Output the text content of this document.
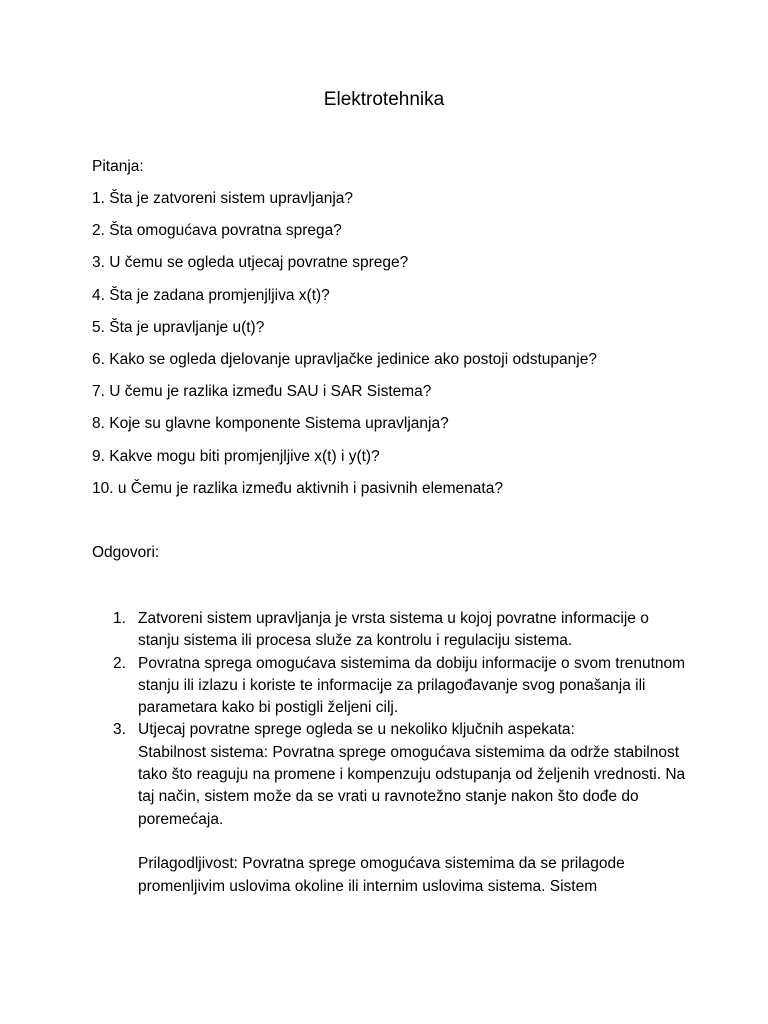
Elektrotehnika
Pitanja:
1. Šta je zatvoreni sistem upravljanja?
2. Šta omogućava povratna sprega?
3. U čemu se ogleda utjecaj povratne sprege?
4. Šta je zadana promjenjljiva x(t)?
5. Šta je upravljanje u(t)?
6. Kako se ogleda djelovanje upravljačke jedinice ako postoji odstupanje?
7. U čemu je razlika između SAU i SAR Sistema?
8. Koje su glavne komponente Sistema upravljanja?
9. Kakve mogu biti promjenjljive x(t) i y(t)?
10. u Čemu je razlika između aktivnih i pasivnih elemenata?
Odgovori:
1. Zatvoreni sistem upravljanja je vrsta sistema u kojoj povratne informacije o stanju sistema ili procesa služe za kontrolu i regulaciju sistema.
2. Povratna sprega omogućava sistemima da dobiju informacije o svom trenutnom stanju ili izlazu i koriste te informacije za prilagođavanje svog ponašanja ili parametara kako bi postigli željeni cilj.
3. Utjecaj povratne sprege ogleda se u nekoliko ključnih aspekata:
Stabilnost sistema: Povratna sprege omogućava sistemima da održe stabilnost tako što reaguju na promene i kompenzuju odstupanja od željenih vrednosti. Na taj način, sistem može da se vrati u ravnotežno stanje nakon što dođe do poremećaja.
Prilagodljivost: Povratna sprege omogućava sistemima da se prilagode promenljivim uslovima okoline ili internim uslovima sistema. Sistem
